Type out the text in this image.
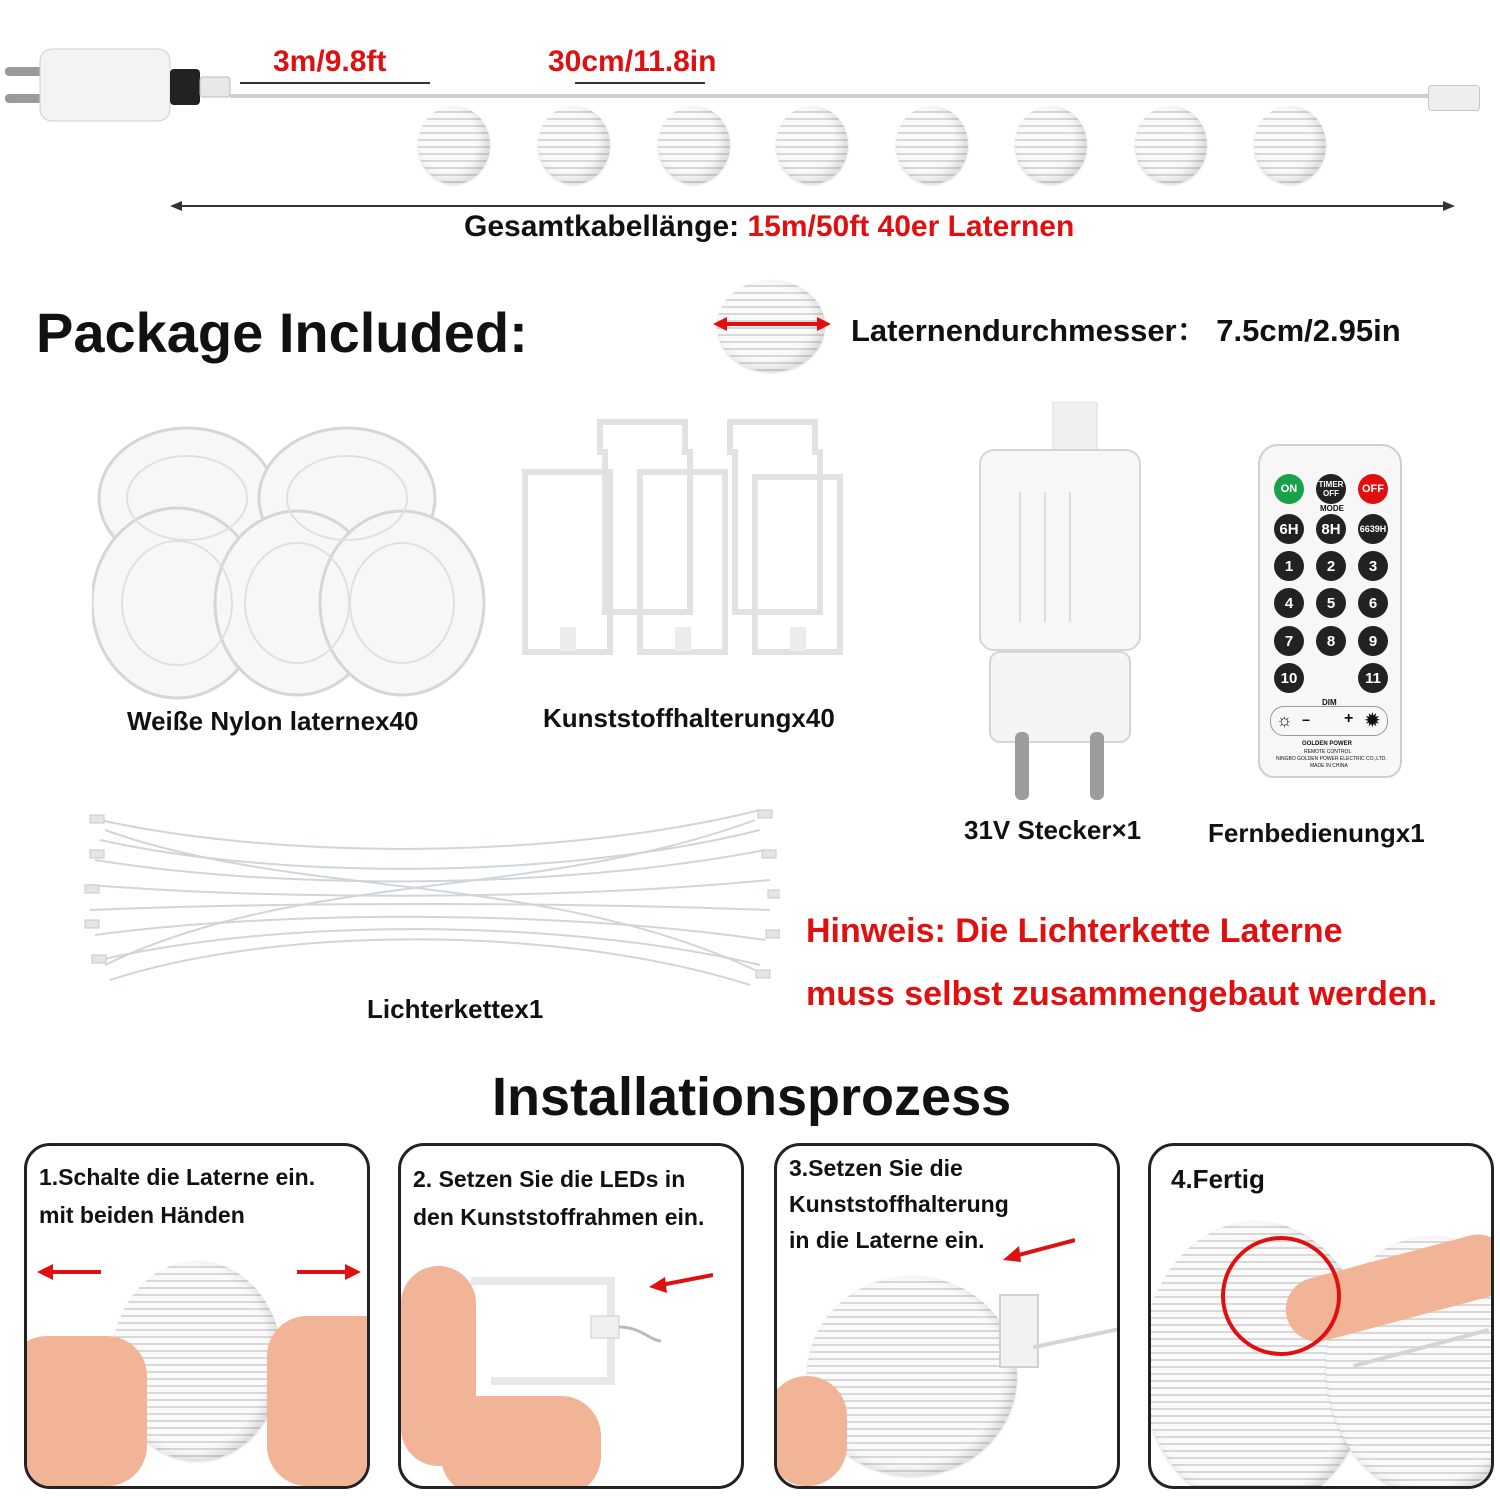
3m/9.8ft	30cm/11.8in
Gesamtkabellänge: 15m/50ft 40er Laternen
Package Included:	Laternendurchmesser： 7.5cm/2.95in
Weiße Nylon laternex40	Kunststoffhalterungx40
31V Stecker×1
ON	TIMER OFF	OFF
MODE
6H	8H	6639H
1	2	3
4	5	6
7	8	9
10	11
DIM
☼ − + ✹
GOLDEN POWER
REMOTE CONTROL
NINGBO GOLDEN POWER ELECTRIC CO.,LTD.
MADE IN CHINA
Fernbedienungx1
Lichterkettex1
Hinweis: Die Lichterkette Laterne
muss selbst zusammengebaut werden.
Installationsprozess
1.Schalte die Laterne ein.
mit beiden Händen
2. Setzen Sie die LEDs in
den Kunststoffrahmen ein.
3.Setzen Sie die
Kunststoffhalterung
in die Laterne ein.
4.Fertig
